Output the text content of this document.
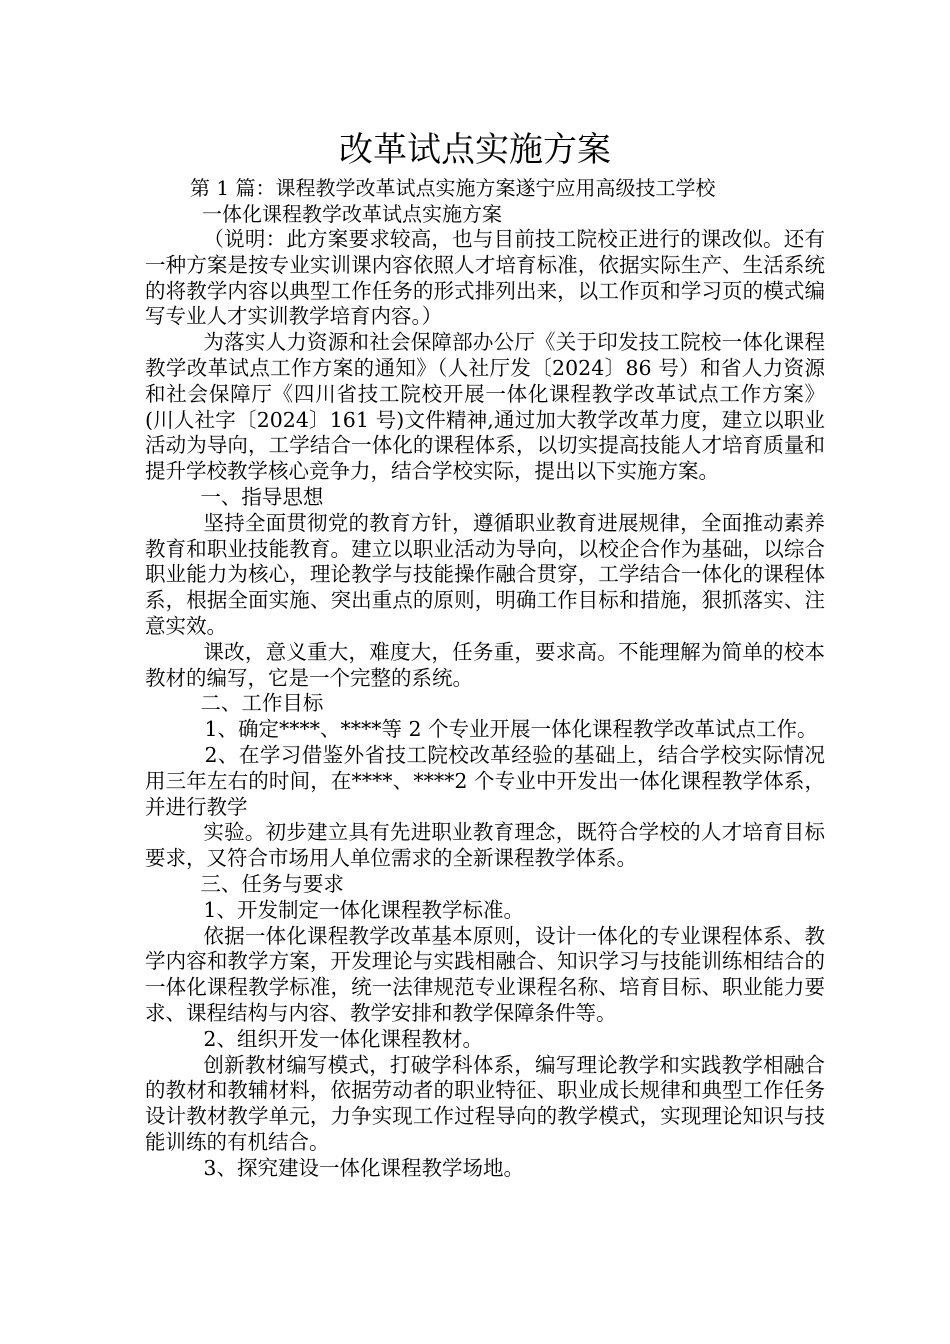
改革试点实施方案
第 1 篇：课程教学改革试点实施方案遂宁应用高级技工学校
一体化课程教学改革试点实施方案

（说明：此方案要求较高，也与目前技工院校正进行的课改似。还有一种方案是按专业实训课内容依照人才培育标准，依据实际生产、生活系统的将教学内容以典型工作任务的形式排列出来，以工作页和学习页的模式编写专业人才实训教学培育内容。）

为落实人力资源和社会保障部办公厅《关于印发技工院校一体化课程教学改革试点工作方案的通知》（人社厅发〔2024〕86 号）和省人力资源和社会保障厅《四川省技工院校开展一体化课程教学改革试点工作方案》(川人社字〔2024〕161 号)文件精神,通过加大教学改革力度，建立以职业活动为导向，工学结合一体化的课程体系，以切实提高技能人才培育质量和提升学校教学核心竞争力，结合学校实际，提出以下实施方案。

一、指导思想

坚持全面贯彻党的教育方针，遵循职业教育进展规律，全面推动素养教育和职业技能教育。建立以职业活动为导向，以校企合作为基础，以综合职业能力为核心，理论教学与技能操作融合贯穿，工学结合一体化的课程体系，根据全面实施、突出重点的原则，明确工作目标和措施，狠抓落实、注意实效。

课改，意义重大，难度大，任务重，要求高。不能理解为简单的校本教材的编写，它是一个完整的系统。

二、工作目标

1、确定****、****等 2 个专业开展一体化课程教学改革试点工作。

2、在学习借鉴外省技工院校改革经验的基础上，结合学校实际情况用三年左右的时间，在****、****2 个专业中开发出一体化课程教学体系，并进行教学

实验。初步建立具有先进职业教育理念，既符合学校的人才培育目标要求，又符合市场用人单位需求的全新课程教学体系。

三、任务与要求

1、开发制定一体化课程教学标准。

依据一体化课程教学改革基本原则，设计一体化的专业课程体系、教学内容和教学方案，开发理论与实践相融合、知识学习与技能训练相结合的一体化课程教学标准，统一法律规范专业课程名称、培育目标、职业能力要求、课程结构与内容、教学安排和教学保障条件等。

2、组织开发一体化课程教材。

创新教材编写模式，打破学科体系，编写理论教学和实践教学相融合的教材和教辅材料，依据劳动者的职业特征、职业成长规律和典型工作任务设计教材教学单元，力争实现工作过程导向的教学模式，实现理论知识与技能训练的有机结合。

3、探究建设一体化课程教学场地。
